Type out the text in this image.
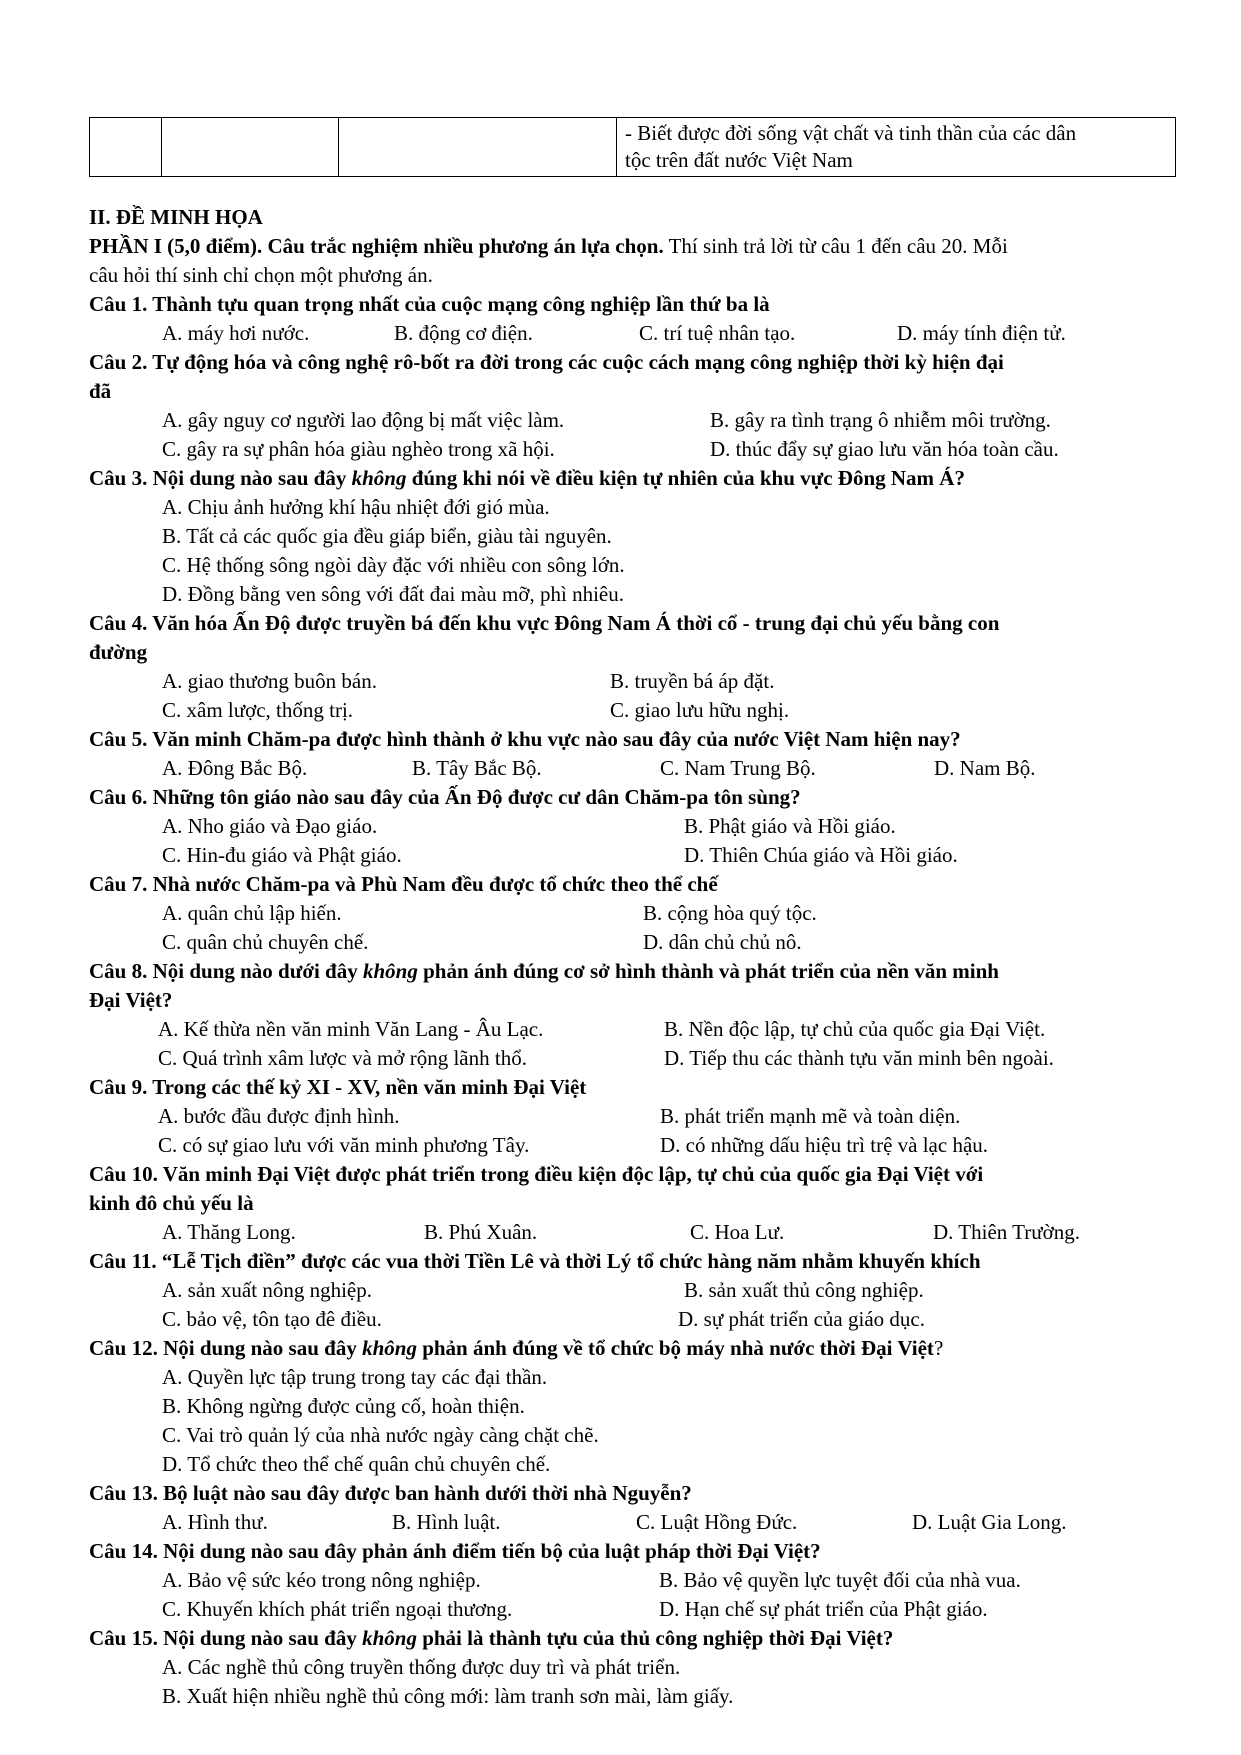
- Biết được đời sống vật chất và tinh thần của các dân
tộc trên đất nước Việt Nam
II. ĐỀ MINH HỌA
PHẦN I (5,0 điểm). Câu trắc nghiệm nhiều phương án lựa chọn. Thí sinh trả lời từ câu 1 đến câu 20. Mỗi
câu hỏi thí sinh chỉ chọn một phương án.
Câu 1. Thành tựu quan trọng nhất của cuộc mạng công nghiệp lần thứ ba là
A. máy hơi nước.	B. động cơ điện.	C. trí tuệ nhân tạo.	D. máy tính điện tử.
Câu 2. Tự động hóa và công nghệ rô-bốt ra đời trong các cuộc cách mạng công nghiệp thời kỳ hiện đại
đã
A. gây nguy cơ người lao động bị mất việc làm.	B. gây ra tình trạng ô nhiễm môi trường.
C. gây ra sự phân hóa giàu nghèo trong xã hội.	D. thúc đẩy sự giao lưu văn hóa toàn cầu.
Câu 3. Nội dung nào sau đây không đúng khi nói về điều kiện tự nhiên của khu vực Đông Nam Á?
A. Chịu ảnh hưởng khí hậu nhiệt đới gió mùa.
B. Tất cả các quốc gia đều giáp biển, giàu tài nguyên.
C. Hệ thống sông ngòi dày đặc với nhiều con sông lớn.
D. Đồng bằng ven sông với đất đai màu mỡ, phì nhiêu.
Câu 4. Văn hóa Ấn Độ được truyền bá đến khu vực Đông Nam Á thời cổ - trung đại chủ yếu bằng con
đường
A. giao thương buôn bán.	B. truyền bá áp đặt.
C. xâm lược, thống trị.	C. giao lưu hữu nghị.
Câu 5. Văn minh Chăm-pa được hình thành ở khu vực nào sau đây của nước Việt Nam hiện nay?
A. Đông Bắc Bộ.	B. Tây Bắc Bộ.	C. Nam Trung Bộ.	D. Nam Bộ.
Câu 6. Những tôn giáo nào sau đây của Ấn Độ được cư dân Chăm-pa tôn sùng?
A. Nho giáo và Đạo giáo.	B. Phật giáo và Hồi giáo.
C. Hin-đu giáo và Phật giáo.	D. Thiên Chúa giáo và Hồi giáo.
Câu 7. Nhà nước Chăm-pa và Phù Nam đều được tổ chức theo thể chế
A. quân chủ lập hiến.	B. cộng hòa quý tộc.
C. quân chủ chuyên chế.	D. dân chủ chủ nô.
Câu 8. Nội dung nào dưới đây không phản ánh đúng cơ sở hình thành và phát triển của nền văn minh
Đại Việt?
A. Kế thừa nền văn minh Văn Lang - Âu Lạc.	B. Nền độc lập, tự chủ của quốc gia Đại Việt.
C. Quá trình xâm lược và mở rộng lãnh thổ.	D. Tiếp thu các thành tựu văn minh bên ngoài.
Câu 9. Trong các thế kỷ XI - XV, nền văn minh Đại Việt
A. bước đầu được định hình.	B. phát triển mạnh mẽ và toàn diện.
C. có sự giao lưu với văn minh phương Tây.	D. có những dấu hiệu trì trệ và lạc hậu.
Câu 10. Văn minh Đại Việt được phát triển trong điều kiện độc lập, tự chủ của quốc gia Đại Việt với
kinh đô chủ yếu là
A. Thăng Long.	B. Phú Xuân.	C. Hoa Lư.	D. Thiên Trường.
Câu 11. “Lễ Tịch điền” được các vua thời Tiền Lê và thời Lý tổ chức hàng năm nhằm khuyến khích
A. sản xuất nông nghiệp.	B. sản xuất thủ công nghiệp.
C. bảo vệ, tôn tạo đê điều.	D. sự phát triển của giáo dục.
Câu 12. Nội dung nào sau đây không phản ánh đúng về tổ chức bộ máy nhà nước thời Đại Việt?
A. Quyền lực tập trung trong tay các đại thần.
B. Không ngừng được củng cố, hoàn thiện.
C. Vai trò quản lý của nhà nước ngày càng chặt chẽ.
D. Tổ chức theo thể chế quân chủ chuyên chế.
Câu 13. Bộ luật nào sau đây được ban hành dưới thời nhà Nguyễn?
A. Hình thư.	B. Hình luật.	C. Luật Hồng Đức.	D. Luật Gia Long.
Câu 14. Nội dung nào sau đây phản ánh điểm tiến bộ của luật pháp thời Đại Việt?
A. Bảo vệ sức kéo trong nông nghiệp.	B. Bảo vệ quyền lực tuyệt đối của nhà vua.
C. Khuyến khích phát triển ngoại thương.	D. Hạn chế sự phát triển của Phật giáo.
Câu 15. Nội dung nào sau đây không phải là thành tựu của thủ công nghiệp thời Đại Việt?
A. Các nghề thủ công truyền thống được duy trì và phát triển.
B. Xuất hiện nhiều nghề thủ công mới: làm tranh sơn mài, làm giấy.
